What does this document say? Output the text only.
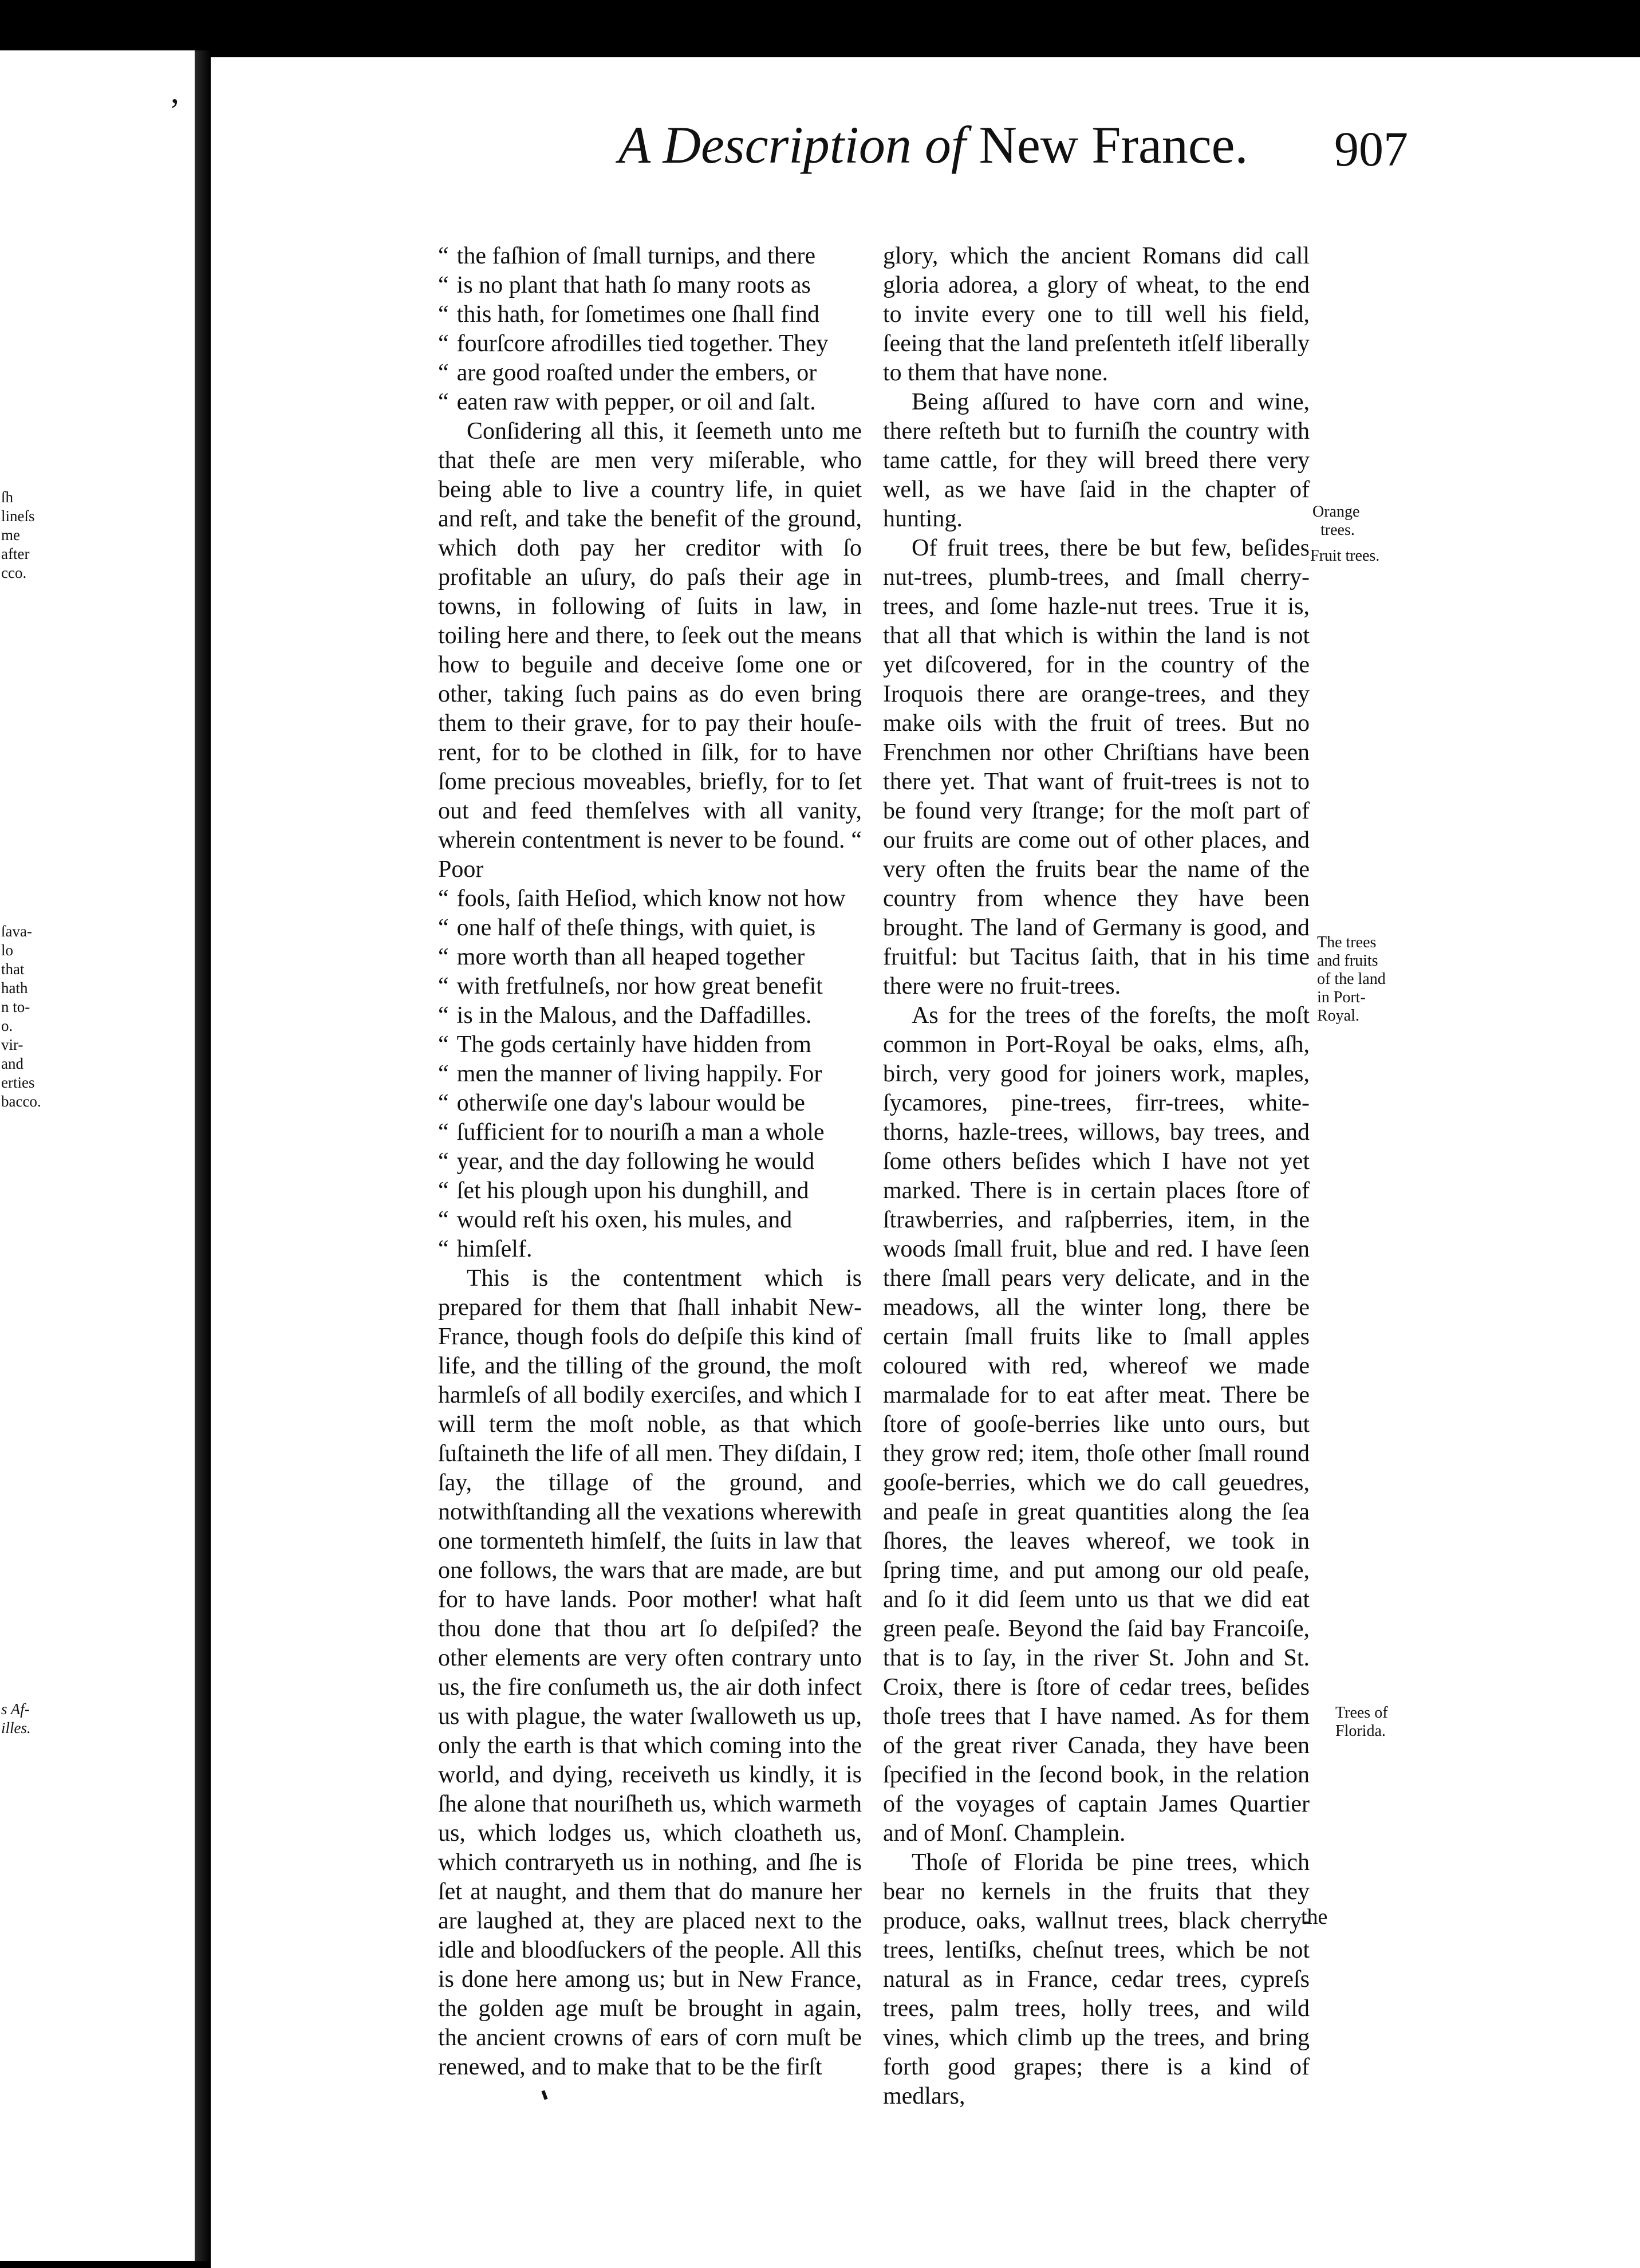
ſh
lineſs
me
after
cco.
ſava-
lo
that
hath
n to-
o.
vir-
and
erties
bacco.
s Af-
illes.
‚
A Description of New France. 907

“ the faſhion of ſmall turnips, and there

“ is no plant that hath ſo many roots as

“ this hath, for ſometimes one ſhall find

“ fourſcore afrodilles tied together. They

“ are good roaſted under the embers, or

“ eaten raw with pepper, or oil and ſalt.

Conſidering all this, it ſeemeth unto me that theſe are men very miſerable, who being able to live a country life, in quiet and reſt, and take the benefit of the ground, which doth pay her creditor with ſo profitable an uſury, do paſs their age in towns, in following of ſuits in law, in toiling here and there, to ſeek out the means how to beguile and deceive ſome one or other, taking ſuch pains as do even bring them to their grave, for to pay their houſe-rent, for to be clothed in ſilk, for to have ſome precious moveables, briefly, for to ſet out and feed themſelves with all vanity, wherein contentment is never to be found. “ Poor

“ fools, ſaith Heſiod, which know not how

“ one half of theſe things, with quiet, is

“ more worth than all heaped together

“ with fretfulneſs, nor how great benefit

“ is in the Malous, and the Daffadilles.

“ The gods certainly have hidden from

“ men the manner of living happily. For

“ otherwiſe one day's labour would be

“ ſufficient for to nouriſh a man a whole

“ year, and the day following he would

“ ſet his plough upon his dunghill, and

“ would reſt his oxen, his mules, and

“ himſelf.

This is the contentment which is prepared for them that ſhall inhabit New-France, though fools do deſpiſe this kind of life, and the tilling of the ground, the moſt harmleſs of all bodily exerciſes, and which I will term the moſt noble, as that which ſuſtaineth the life of all men. They diſdain, I ſay, the tillage of the ground, and notwithſtanding all the vexations wherewith one tormenteth himſelf, the ſuits in law that one follows, the wars that are made, are but for to have lands. Poor mother! what haſt thou done that thou art ſo deſpiſed? the other elements are very often contrary unto us, the fire conſumeth us, the air doth infect us with plague, the water ſwalloweth us up, only the earth is that which coming into the world, and dying, receiveth us kindly, it is ſhe alone that nouriſheth us, which warmeth us, which lodges us, which cloatheth us, which contraryeth us in nothing, and ſhe is ſet at naught, and them that do manure her are laughed at, they are placed next to the idle and bloodſuckers of the people. All this is done here among us; but in New France, the golden age muſt be brought in again, the ancient crowns of ears of corn muſt be renewed, and to make that to be the firſt

glory, which the ancient Romans did call gloria adorea, a glory of wheat, to the end to invite every one to till well his field, ſeeing that the land preſenteth itſelf liberally to them that have none.

Being aſſured to have corn and wine, there reſteth but to furniſh the country with tame cattle, for they will breed there very well, as we have ſaid in the chapter of hunting.

Of fruit trees, there be but few, beſides nut-trees, plumb-trees, and ſmall cherry-trees, and ſome hazle-nut trees. True it is, that all that which is within the land is not yet diſcovered, for in the country of the Iroquois there are orange-trees, and they make oils with the fruit of trees. But no Frenchmen nor other Chriſtians have been there yet. That want of fruit-trees is not to be found very ſtrange; for the moſt part of our fruits are come out of other places, and very often the fruits bear the name of the country from whence they have been brought. The land of Germany is good, and fruitful: but Tacitus ſaith, that in his time there were no fruit-trees.

As for the trees of the foreſts, the moſt common in Port-Royal be oaks, elms, aſh, birch, very good for joiners work, maples, ſycamores, pine-trees, firr-trees, white-thorns, hazle-trees, willows, bay trees, and ſome others beſides which I have not yet marked. There is in certain places ſtore of ſtrawberries, and raſpberries, item, in the woods ſmall fruit, blue and red. I have ſeen there ſmall pears very delicate, and in the meadows, all the winter long, there be certain ſmall fruits like to ſmall apples coloured with red, whereof we made marmalade for to eat after meat. There be ſtore of gooſe-berries like unto ours, but they grow red; item, thoſe other ſmall round gooſe-berries, which we do call geuedres, and peaſe in great quantities along the ſea ſhores, the leaves whereof, we took in ſpring time, and put among our old peaſe, and ſo it did ſeem unto us that we did eat green peaſe. Beyond the ſaid bay Francoiſe, that is to ſay, in the river St. John and St. Croix, there is ſtore of cedar trees, beſides thoſe trees that I have named. As for them of the great river Canada, they have been ſpecified in the ſecond book, in the relation of the voyages of captain James Quartier and of Monſ. Champlein.

Thoſe of Florida be pine trees, which bear no kernels in the fruits that they produce, oaks, wallnut trees, black cherry-trees, lentiſks, cheſnut trees, which be not natural as in France, cedar trees, cypreſs trees, palm trees, holly trees, and wild vines, which climb up the trees, and bring forth good grapes; there is a kind of medlars,

Orange
trees.
Fruit trees.
The trees
and fruits
of the land
in Port-
Royal.
Trees of
Florida.
the
